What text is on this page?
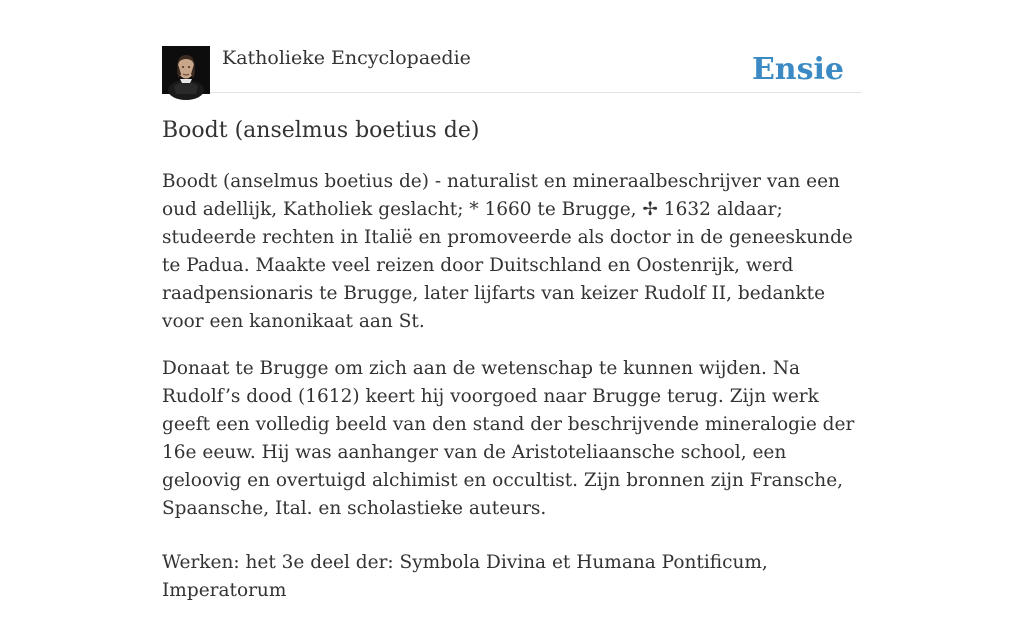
Katholieke Encyclopaedie	Ensie
Boodt (anselmus boetius de)

Boodt (anselmus boetius de) - naturalist en mineraalbeschrijver van een oud adellijk, Katholiek geslacht; * 1660 te Brugge, ✢ 1632 aldaar; studeerde rechten in Italië en promoveerde als doctor in de geneeskunde te Padua. Maakte veel reizen door Duitschland en Oostenrijk, werd raadpensionaris te Brugge, later lijfarts van keizer Rudolf II, bedankte voor een kanonikaat aan St.

Donaat te Brugge om zich aan de wetenschap te kunnen wijden. Na Rudolf’s dood (1612) keert hij voorgoed naar Brugge terug. Zijn werk geeft een volledig beeld van den stand der beschrijvende mineralogie der 16e eeuw. Hij was aanhanger van de Aristoteliaansche school, een geloovig en overtuigd alchimist en occultist. Zijn bronnen zijn Fransche, Spaansche, Ital. en scholastieke auteurs.

Werken: het 3e deel der: Symbola Divina et Humana Pontificum, Imperatorum
